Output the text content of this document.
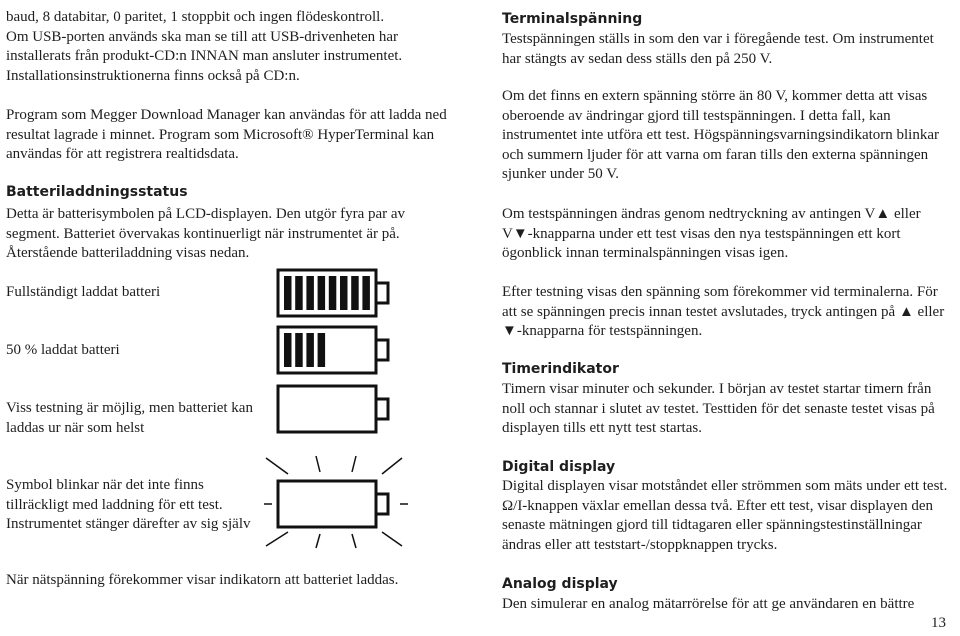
baud, 8 databitar, 0 paritet, 1 stoppbit och ingen flödeskontroll.
Om USB-porten används ska man se till att USB-drivenheten har
installerats från produkt-CD:n INNAN man ansluter instrumentet.
Installationsinstruktionerna finns också på CD:n.

Program som Megger Download Manager kan användas för att ladda ned
resultat lagrade i minnet. Program som Microsoft® HyperTerminal kan
användas för att registrera realtidsdata.

Batteriladdningsstatus

Detta är batterisymbolen på LCD-displayen. Den utgör fyra par av
segment. Batteriet övervakas kontinuerligt när instrumentet är på.
Återstående batteriladdning visas nedan.

Fullständigt laddat batteri

50 % laddat batteri

Viss testning är möjlig, men batteriet kan
laddas ur när som helst

Symbol blinkar när det inte finns
tillräckligt med laddning för ett test.
Instrumentet stänger därefter av sig själv

När nätspänning förekommer visar indikatorn att batteriet laddas.

Terminalspänning

Testspänningen ställs in som den var i föregående test. Om instrumentet
har stängts av sedan dess ställs den på 250 V.

Om det finns en extern spänning större än 80 V, kommer detta att visas
oberoende av ändringar gjord till testspänningen. I detta fall, kan
instrumentet inte utföra ett test. Högspänningsvarningsindikatorn blinkar
och summern ljuder för att varna om faran tills den externa spänningen
sjunker under 50 V.

Om testspänningen ändras genom nedtryckning av antingen V▲ eller
V▼-knapparna under ett test visas den nya testspänningen ett kort
ögonblick innan terminalspänningen visas igen.

Efter testning visas den spänning som förekommer vid terminalerna. För
att se spänningen precis innan testet avslutades, tryck antingen på ▲ eller
▼-knapparna för testspänningen.

Timerindikator

Timern visar minuter och sekunder. I början av testet startar timern från
noll och stannar i slutet av testet. Testtiden för det senaste testet visas på
displayen tills ett nytt test startas.

Digital display

Digital displayen visar motståndet eller strömmen som mäts under ett test.
Ω/I-knappen växlar emellan dessa två. Efter ett test, visar displayen den
senaste mätningen gjord till tidtagaren eller spänningstestinställningar
ändras eller att teststart-/stoppknappen trycks.

Analog display

Den simulerar en analog mätarrörelse för att ge användaren en bättre

13
